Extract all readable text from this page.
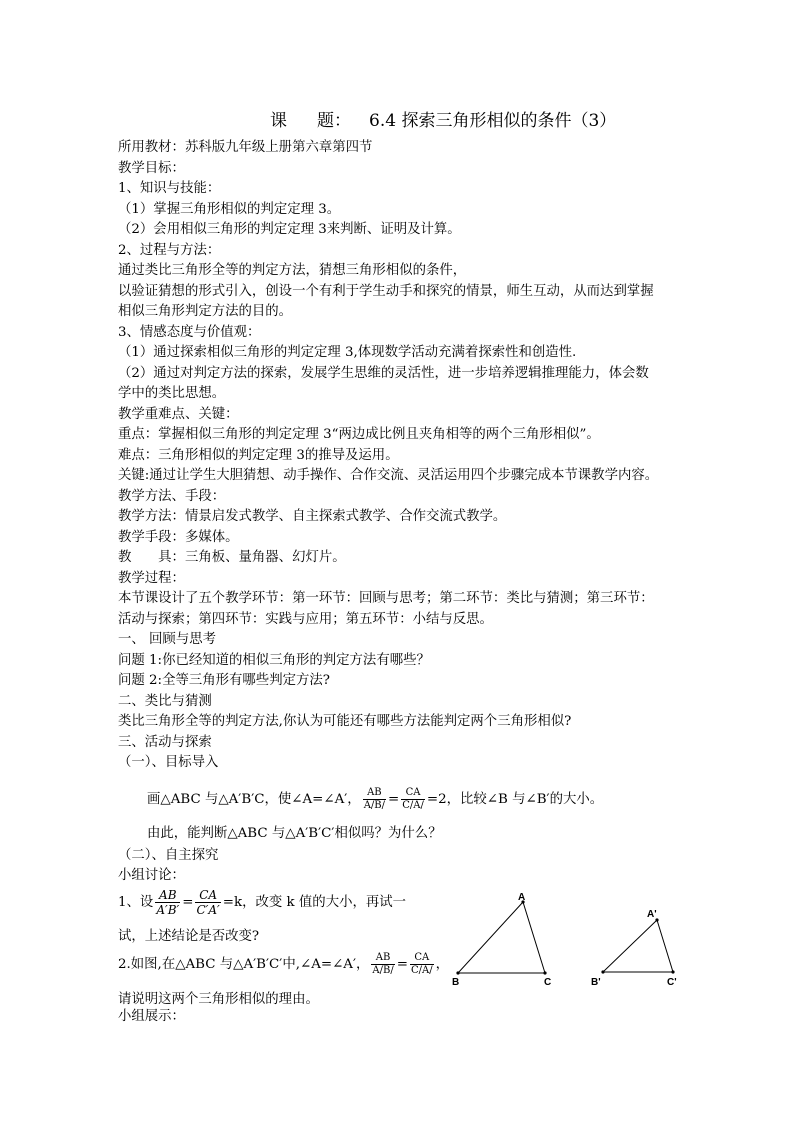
课 题： 6.4 探索三角形相似的条件（3）
所用教材：苏科版九年级上册第六章第四节
教学目标：
1、知识与技能：
（1）掌握三角形相似的判定定理 3。
（2）会用相似三角形的判定定理 3来判断、证明及计算。
2、过程与方法：
通过类比三角形全等的判定方法，猜想三角形相似的条件，
以验证猜想的形式引入，创设一个有利于学生动手和探究的情景，师生互动，从而达到掌握
相似三角形判定方法的目的。
3、情感态度与价值观：
（1）通过探索相似三角形的判定定理 3,体现数学活动充满着探索性和创造性.
（2）通过对判定方法的探索，发展学生思维的灵活性，进一步培养逻辑推理能力，体会数
学中的类比思想。
教学重难点、关键：
重点：掌握相似三角形的判定定理 3“两边成比例且夹角相等的两个三角形相似”。
难点：三角形相似的判定定理 3的推导及运用。
关键:通过让学生大胆猜想、动手操作、合作交流、灵活运用四个步骤完成本节课教学内容。
教学方法、手段：
教学方法：情景启发式教学、自主探索式教学、合作交流式教学。
教学手段：多媒体。
教　　具：三角板、量角器、幻灯片。
教学过程：
本节课设计了五个教学环节：第一环节：回顾与思考；第二环节：类比与猜测；第三环节：
活动与探索；第四环节：实践与应用；第五环节：小结与反思。
一、 回顾与思考
问题 1:你已经知道的相似三角形的判定方法有哪些？
问题 2:全等三角形有哪些判定方法?
二、类比与猜测
类比三角形全等的判定方法,你认为可能还有哪些方法能判定两个三角形相似?
三、活动与探索
（一）、目标导入
画△ABC 与△A′B′C，使∠A=∠A′， $\frac{AB}{A/B/} = \frac{CA}{C/A/} =2$，比较∠B 与∠B′的大小。
由此，能判断△ABC 与△A′B′C′相似吗？为什么？
（二）、自主探究
小组讨论：
1、设 $\frac{AB}{A'B'} = \frac{CA}{C'A'} =k$，改变 k 值的大小，再试一
试，上述结论是否改变?
2.如图,在△ABC 与△A′B′C′中,∠A=∠A′， $\frac{AB}{A/B/} = \frac{CA}{C/A/}$ ，
请说明这两个三角形相似的理由。
小组展示：
A
B	C
A'
B'	C'
